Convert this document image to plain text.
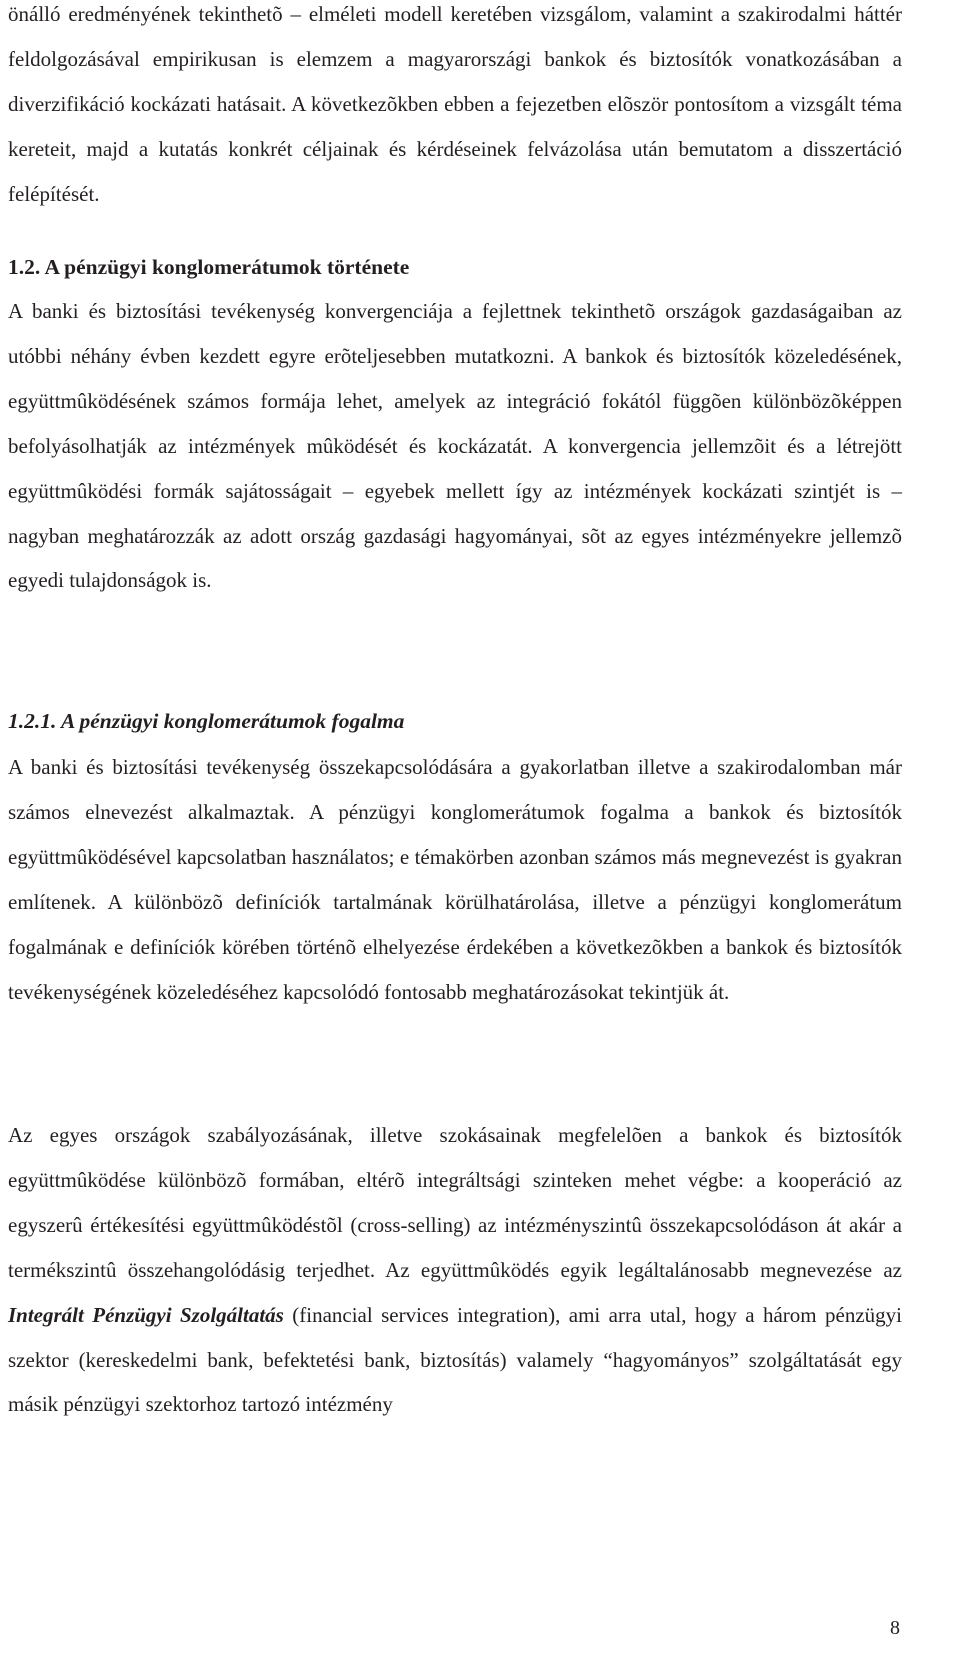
önálló eredményének tekinthetõ – elméleti modell keretében vizsgálom, valamint a szakirodalmi háttér feldolgozásával empirikusan is elemzem a magyarországi bankok és biztosítók vonatkozásában a diverzifikáció kockázati hatásait. A következõkben ebben a fejezetben elõször pontosítom a vizsgált téma kereteit, majd a kutatás konkrét céljainak és kérdéseinek felvázolása után bemutatom a disszertáció felépítését.

1.2. A pénzügyi konglomerátumok története

A banki és biztosítási tevékenység konvergenciája a fejlettnek tekinthetõ országok gazdaságaiban az utóbbi néhány évben kezdett egyre erõteljesebben mutatkozni. A bankok és biztosítók közeledésének, együttmûködésének számos formája lehet, amelyek az integráció fokától függõen különbözõképpen befolyásolhatják az intézmények mûködését és kockázatát. A konvergencia jellemzõit és a létrejött együttmûködési formák sajátosságait – egyebek mellett így az intézmények kockázati szintjét is – nagyban meghatározzák az adott ország gazdasági hagyományai, sõt az egyes intézményekre jellemzõ egyedi tulajdonságok is.

1.2.1. A pénzügyi konglomerátumok fogalma

A banki és biztosítási tevékenység összekapcsolódására a gyakorlatban illetve a szakirodalomban már számos elnevezést alkalmaztak. A pénzügyi konglomerátumok fogalma a bankok és biztosítók együttmûködésével kapcsolatban használatos; e témakörben azonban számos más megnevezést is gyakran említenek. A különbözõ definíciók tartalmának körülhatárolása, illetve a pénzügyi konglomerátum fogalmának e definíciók körében történõ elhelyezése érdekében a következõkben a bankok és biztosítók tevékenységének közeledéséhez kapcsolódó fontosabb meghatározásokat tekintjük át.

Az egyes országok szabályozásának, illetve szokásainak megfelelõen a bankok és biztosítók együttmûködése különbözõ formában, eltérõ integráltsági szinteken mehet végbe: a kooperáció az egyszerû értékesítési együttmûködéstõl (cross-selling) az intézményszintû összekapcsolódáson át akár a termékszintû összehangolódásig terjedhet. Az együttmûködés egyik legáltalánosabb megnevezése az Integrált Pénzügyi Szolgáltatás (financial services integration), ami arra utal, hogy a három pénzügyi szektor (kereskedelmi bank, befektetési bank, biztosítás) valamely “hagyományos” szolgáltatását egy másik pénzügyi szektorhoz tartozó intézmény

8
